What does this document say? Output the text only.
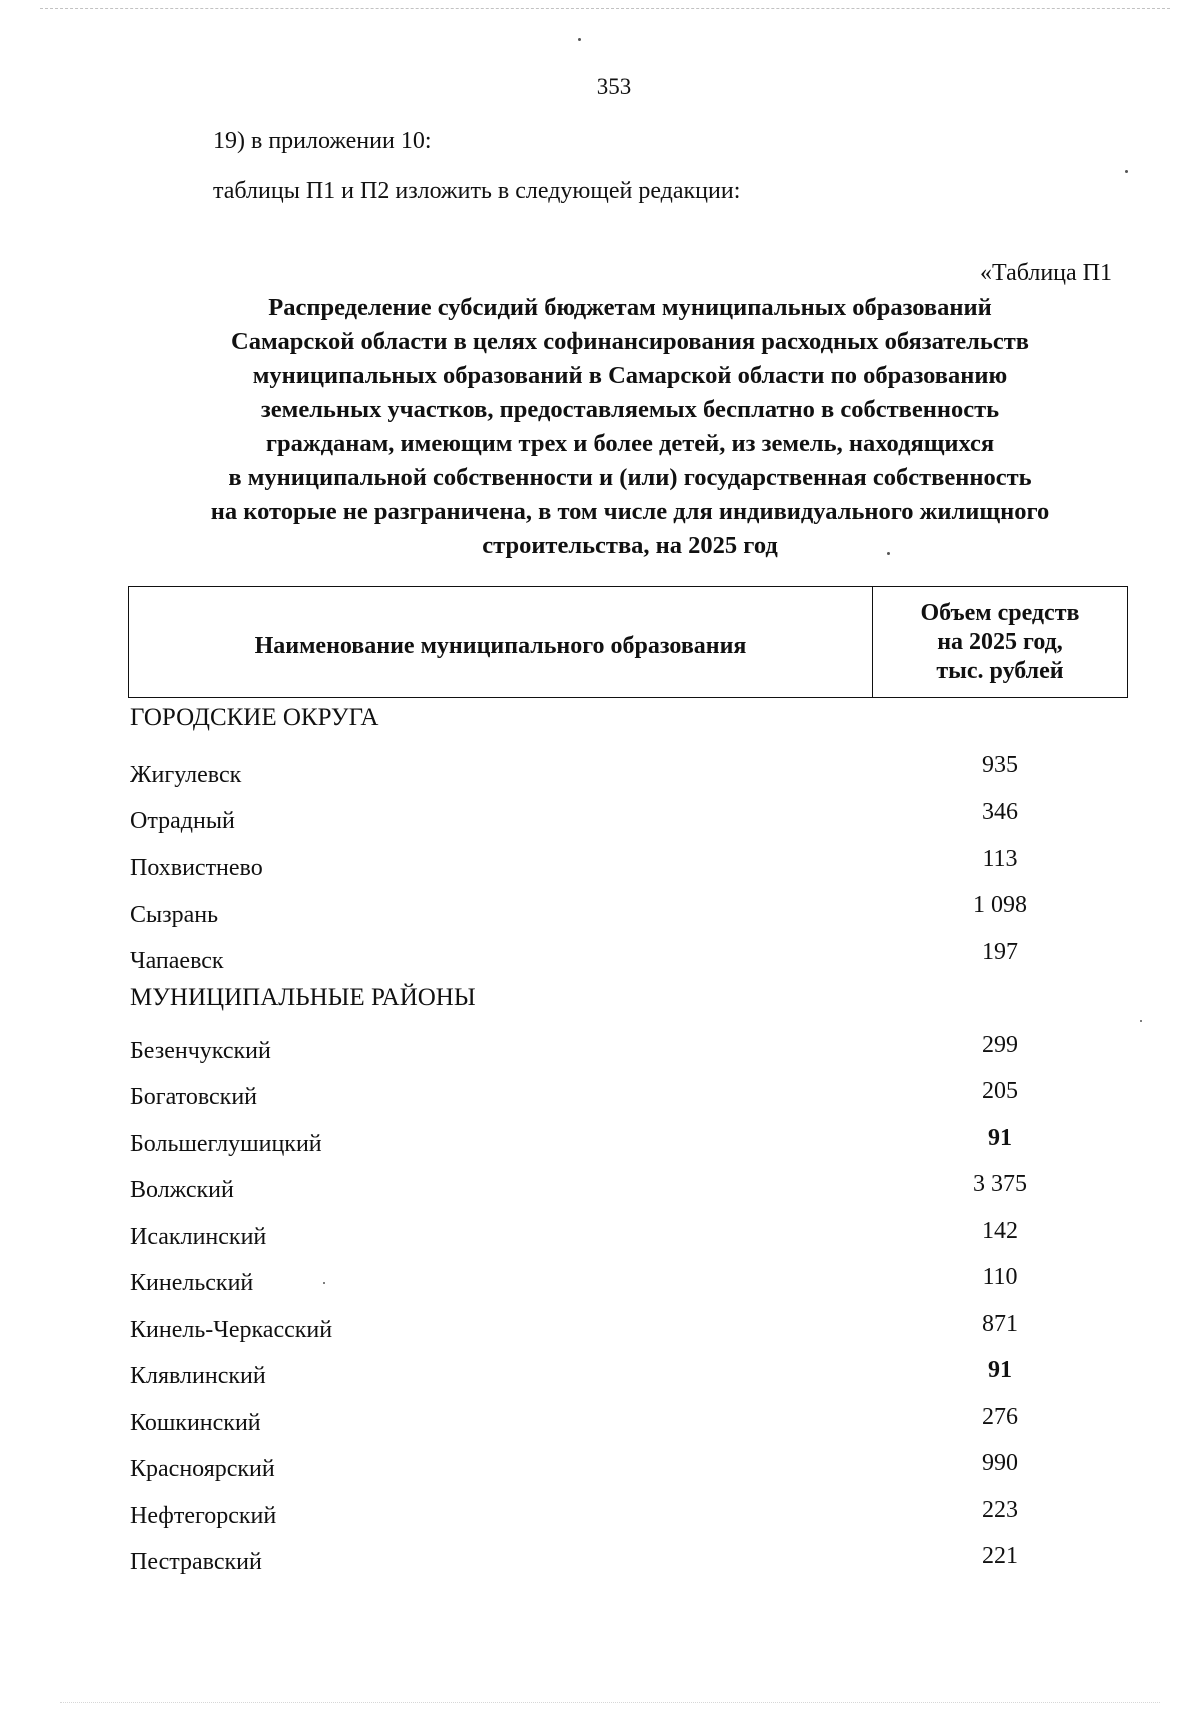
353
19) в приложении 10:
таблицы П1 и П2 изложить в следующей редакции:
«Таблица П1
Распределение субсидий бюджетам муниципальных образований
Самарской области в целях софинансирования расходных обязательств
муниципальных образований в Самарской области по образованию
земельных участков, предоставляемых бесплатно в собственность
гражданам, имеющим трех и более детей, из земель, находящихся
в муниципальной собственности и (или) государственная собственность
на которые не разграничена, в том числе для индивидуального жилищного
строительства, на 2025 год
Наименование муниципального образования
Объем средств
на 2025 год,
тыс. рублей
ГОРОДСКИЕ ОКРУГА
Жигулевск	935
Отрадный	346
Похвистнево	113
Сызрань	1 098
Чапаевск	197
МУНИЦИПАЛЬНЫЕ РАЙОНЫ
Безенчукский	299
Богатовский	205
Большеглушицкий	91
Волжский	3 375
Исаклинский	142
Кинельский	110
Кинель-Черкасский	871
Клявлинский	91
Кошкинский	276
Красноярский	990
Нефтегорский	223
Пестравский	221
